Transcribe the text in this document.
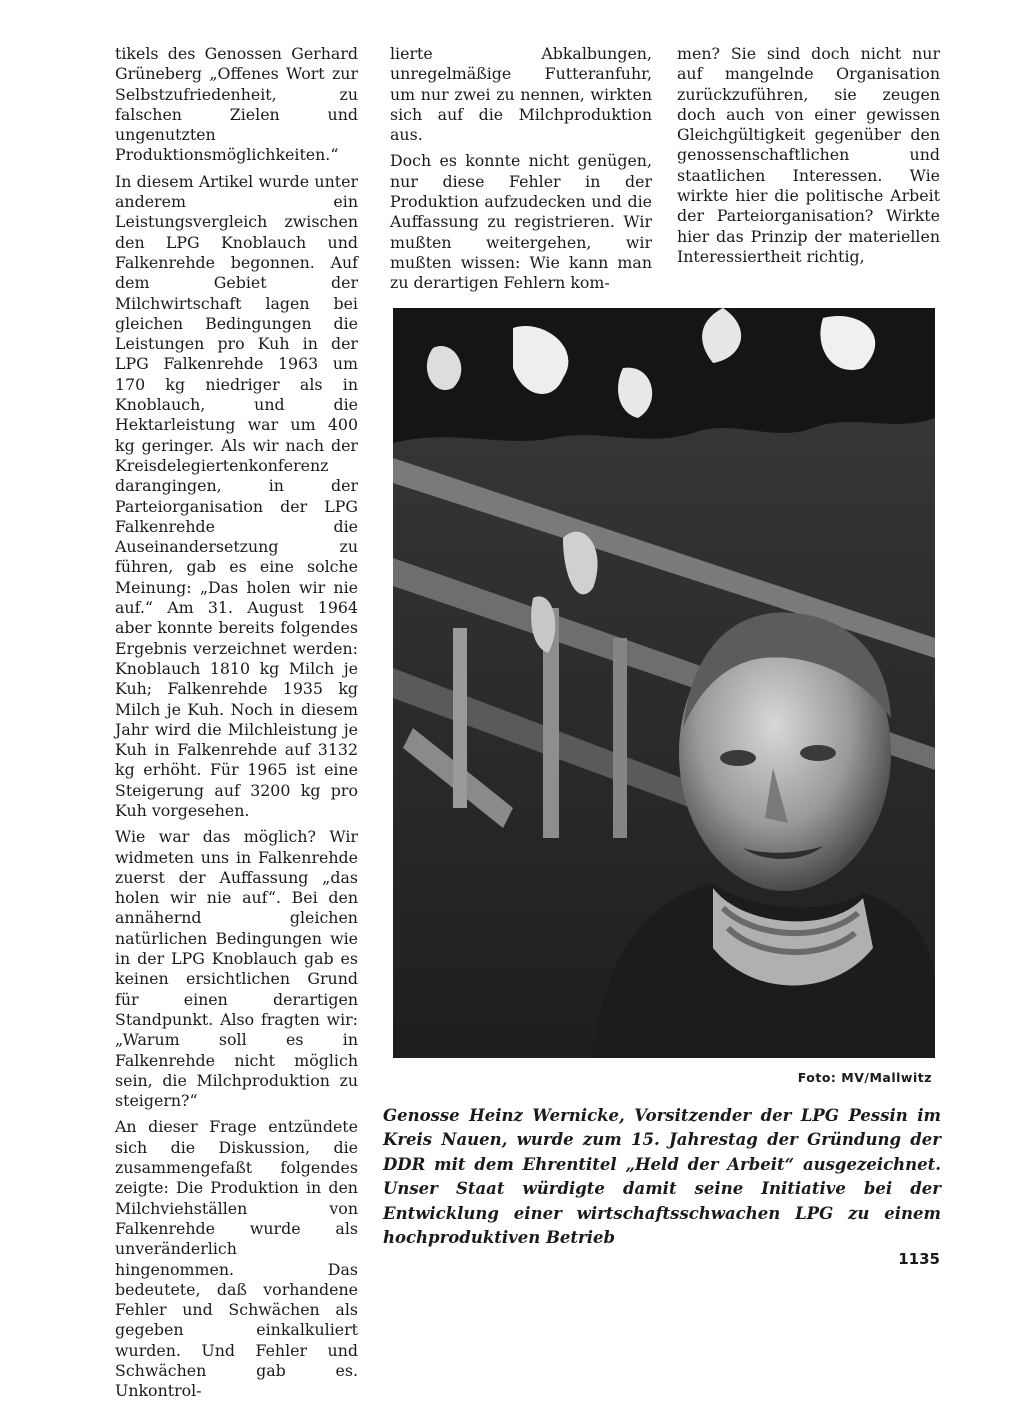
tikels des Genossen Gerhard Grüneberg „Offenes Wort zur Selbstzufriedenheit, zu falschen Zielen und ungenutzten Produktionsmöglichkeiten.“

In diesem Artikel wurde unter anderem ein Leistungsvergleich zwischen den LPG Knoblauch und Falkenrehde begonnen. Auf dem Gebiet der Milchwirtschaft lagen bei gleichen Bedingungen die Leistungen pro Kuh in der LPG Falkenrehde 1963 um 170 kg niedriger als in Knoblauch, und die Hektarleistung war um 400 kg geringer. Als wir nach der Kreisdelegiertenkonferenz darangingen, in der Parteiorganisation der LPG Falkenrehde die Auseinandersetzung zu führen, gab es eine solche Meinung: „Das holen wir nie auf.“ Am 31. August 1964 aber konnte bereits folgendes Ergebnis verzeichnet werden: Knoblauch 1810 kg Milch je Kuh; Falkenrehde 1935 kg Milch je Kuh. Noch in diesem Jahr wird die Milchleistung je Kuh in Falkenrehde auf 3132 kg erhöht. Für 1965 ist eine Steigerung auf 3200 kg pro Kuh vorgesehen.

Wie war das möglich? Wir widmeten uns in Falkenrehde zuerst der Auffassung „das holen wir nie auf“. Bei den annähernd gleichen natürlichen Bedingungen wie in der LPG Knoblauch gab es keinen ersichtlichen Grund für einen derartigen Standpunkt. Also fragten wir: „Warum soll es in Falkenrehde nicht möglich sein, die Milchproduktion zu steigern?“

An dieser Frage entzündete sich die Diskussion, die zusammengefaßt folgendes zeigte: Die Produktion in den Milchviehställen von Falkenrehde wurde als unveränderlich hingenommen. Das bedeutete, daß vorhandene Fehler und Schwächen als gegeben einkalkuliert wurden. Und Fehler und Schwächen gab es. Unkontrol-

lierte Abkalbungen, unregelmäßige Futteranfuhr, um nur zwei zu nennen, wirkten sich auf die Milchproduktion aus.

Doch es konnte nicht genügen, nur diese Fehler in der Produktion aufzudecken und die Auffassung zu registrieren. Wir mußten weitergehen, wir mußten wissen: Wie kann man zu derartigen Fehlern kom-

men? Sie sind doch nicht nur auf mangelnde Organisation zurückzuführen, sie zeugen doch auch von einer gewissen Gleichgültigkeit gegenüber den genossenschaftlichen und staatlichen Interessen. Wie wirkte hier die politische Arbeit der Parteiorganisation? Wirkte hier das Prinzip der materiellen Interessiertheit richtig,

Foto: MV/Mallwitz
Genosse Heinz Wernicke, Vorsitzender der LPG Pessin im Kreis Nauen, wurde zum 15. Jahrestag der Gründung der DDR mit dem Ehrentitel „Held der Arbeit“ ausgezeichnet. Unser Staat würdigte damit seine Initiative bei der Entwicklung einer wirtschaftsschwachen LPG zu einem hochproduktiven Betrieb
1135
